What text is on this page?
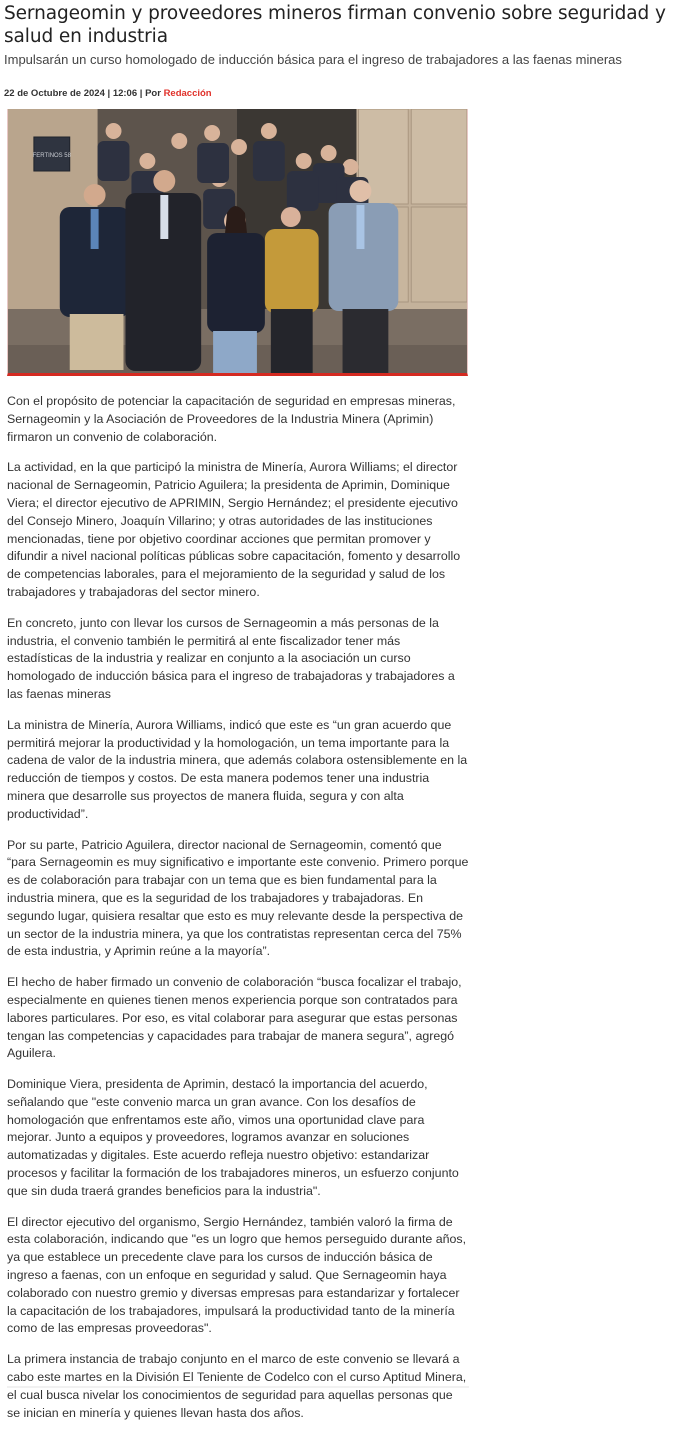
Sernageomin y proveedores mineros firman convenio sobre seguridad y salud en industria

Impulsarán un curso homologado de inducción básica para el ingreso de trabajadores a las faenas mineras

22 de Octubre de 2024 | 12:06 | Por Redacción
FERTINOS 58

Con el propósito de potenciar la capacitación de seguridad en empresas mineras, Sernageomin y la Asociación de Proveedores de la Industria Minera (Aprimin) firmaron un convenio de colaboración.

La actividad, en la que participó la ministra de Minería, Aurora Williams; el director nacional de Sernageomin, Patricio Aguilera; la presidenta de Aprimin, Dominique Viera; el director ejecutivo de APRIMIN, Sergio Hernández; el presidente ejecutivo del Consejo Minero, Joaquín Villarino; y otras autoridades de las instituciones mencionadas, tiene por objetivo coordinar acciones que permitan promover y difundir a nivel nacional políticas públicas sobre capacitación, fomento y desarrollo de competencias laborales, para el mejoramiento de la seguridad y salud de los trabajadores y trabajadoras del sector minero.

En concreto, junto con llevar los cursos de Sernageomin a más personas de la industria, el convenio también le permitirá al ente fiscalizador tener más estadísticas de la industria y realizar en conjunto a la asociación un curso homologado de inducción básica para el ingreso de trabajadoras y trabajadores a las faenas mineras

La ministra de Minería, Aurora Williams, indicó que este es “un gran acuerdo que permitirá mejorar la productividad y la homologación, un tema importante para la cadena de valor de la industria minera, que además colabora ostensiblemente en la reducción de tiempos y costos. De esta manera podemos tener una industria minera que desarrolle sus proyectos de manera fluida, segura y con alta productividad”.

Por su parte, Patricio Aguilera, director nacional de Sernageomin, comentó que “para Sernageomin es muy significativo e importante este convenio. Primero porque es de colaboración para trabajar con un tema que es bien fundamental para la industria minera, que es la seguridad de los trabajadores y trabajadoras. En segundo lugar, quisiera resaltar que esto es muy relevante desde la perspectiva de un sector de la industria minera, ya que los contratistas representan cerca del 75% de esta industria, y Aprimin reúne a la mayoría”.

El hecho de haber firmado un convenio de colaboración “busca focalizar el trabajo, especialmente en quienes tienen menos experiencia porque son contratados para labores particulares. Por eso, es vital colaborar para asegurar que estas personas tengan las competencias y capacidades para trabajar de manera segura”, agregó Aguilera.

Dominique Viera, presidenta de Aprimin, destacó la importancia del acuerdo, señalando que "este convenio marca un gran avance. Con los desafíos de homologación que enfrentamos este año, vimos una oportunidad clave para mejorar. Junto a equipos y proveedores, logramos avanzar en soluciones automatizadas y digitales. Este acuerdo refleja nuestro objetivo: estandarizar procesos y facilitar la formación de los trabajadores mineros, un esfuerzo conjunto que sin duda traerá grandes beneficios para la industria".

El director ejecutivo del organismo, Sergio Hernández, también valoró la firma de esta colaboración, indicando que "es un logro que hemos perseguido durante años, ya que establece un precedente clave para los cursos de inducción básica de ingreso a faenas, con un enfoque en seguridad y salud. Que Sernageomin haya colaborado con nuestro gremio y diversas empresas para estandarizar y fortalecer la capacitación de los trabajadores, impulsará la productividad tanto de la minería como de las empresas proveedoras".

La primera instancia de trabajo conjunto en el marco de este convenio se llevará a cabo este martes en la División El Teniente de Codelco con el curso Aptitud Minera, el cual busca nivelar los conocimientos de seguridad para aquellas personas que se inician en minería y quienes llevan hasta dos años.
